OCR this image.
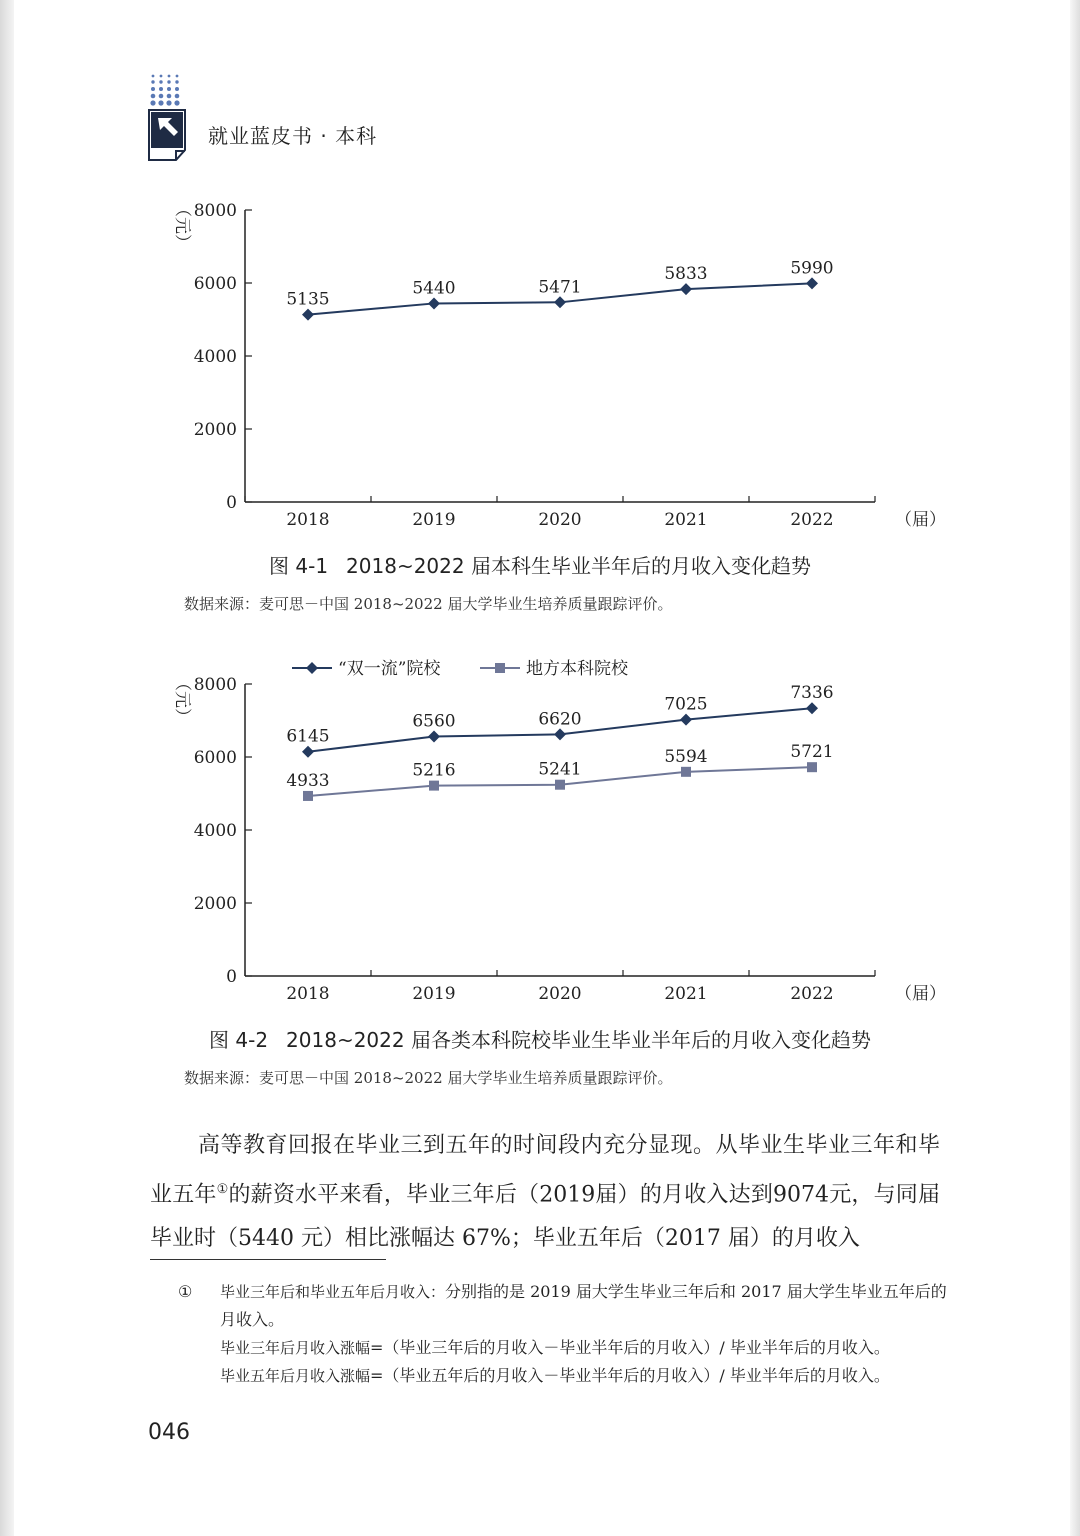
就业蓝皮书 · 本科
8000
6000
4000
2000
0
2018	2019	2020	2021	2022	（届）
（元）
5135
5440	5471
5833	5990
图 4-1 2018~2022 届本科生毕业半年后的月收入变化趋势
数据来源：麦可思－中国 2018~2022 届大学毕业生培养质量跟踪评价。
8000
6000
4000
2000
0
2018	2019	2020	2021	2022	（届）
（元）
6145
6560	6620
7025
7336
4933
5216	5241
5594	5721
“双一流”院校	地方本科院校
图 4-2 2018~2022 届各类本科院校毕业生毕业半年后的月收入变化趋势
数据来源：麦可思－中国 2018~2022 届大学毕业生培养质量跟踪评价。
高等教育回报在毕业三到五年的时间段内充分显现。从毕业生毕业三年和毕业五年①的薪资水平来看，毕业三年后（2019届）的月收入达到9074元，与同届毕业时（5440 元）相比涨幅达 67%；毕业五年后（2017 届）的月收入
① 毕业三年后和毕业五年后月收入：分别指的是 2019 届大学生毕业三年后和 2017 届大学生毕业五年后的月收入。
毕业三年后月收入涨幅=（毕业三年后的月收入－毕业半年后的月收入）/ 毕业半年后的月收入。
毕业五年后月收入涨幅=（毕业五年后的月收入－毕业半年后的月收入）/ 毕业半年后的月收入。
046
